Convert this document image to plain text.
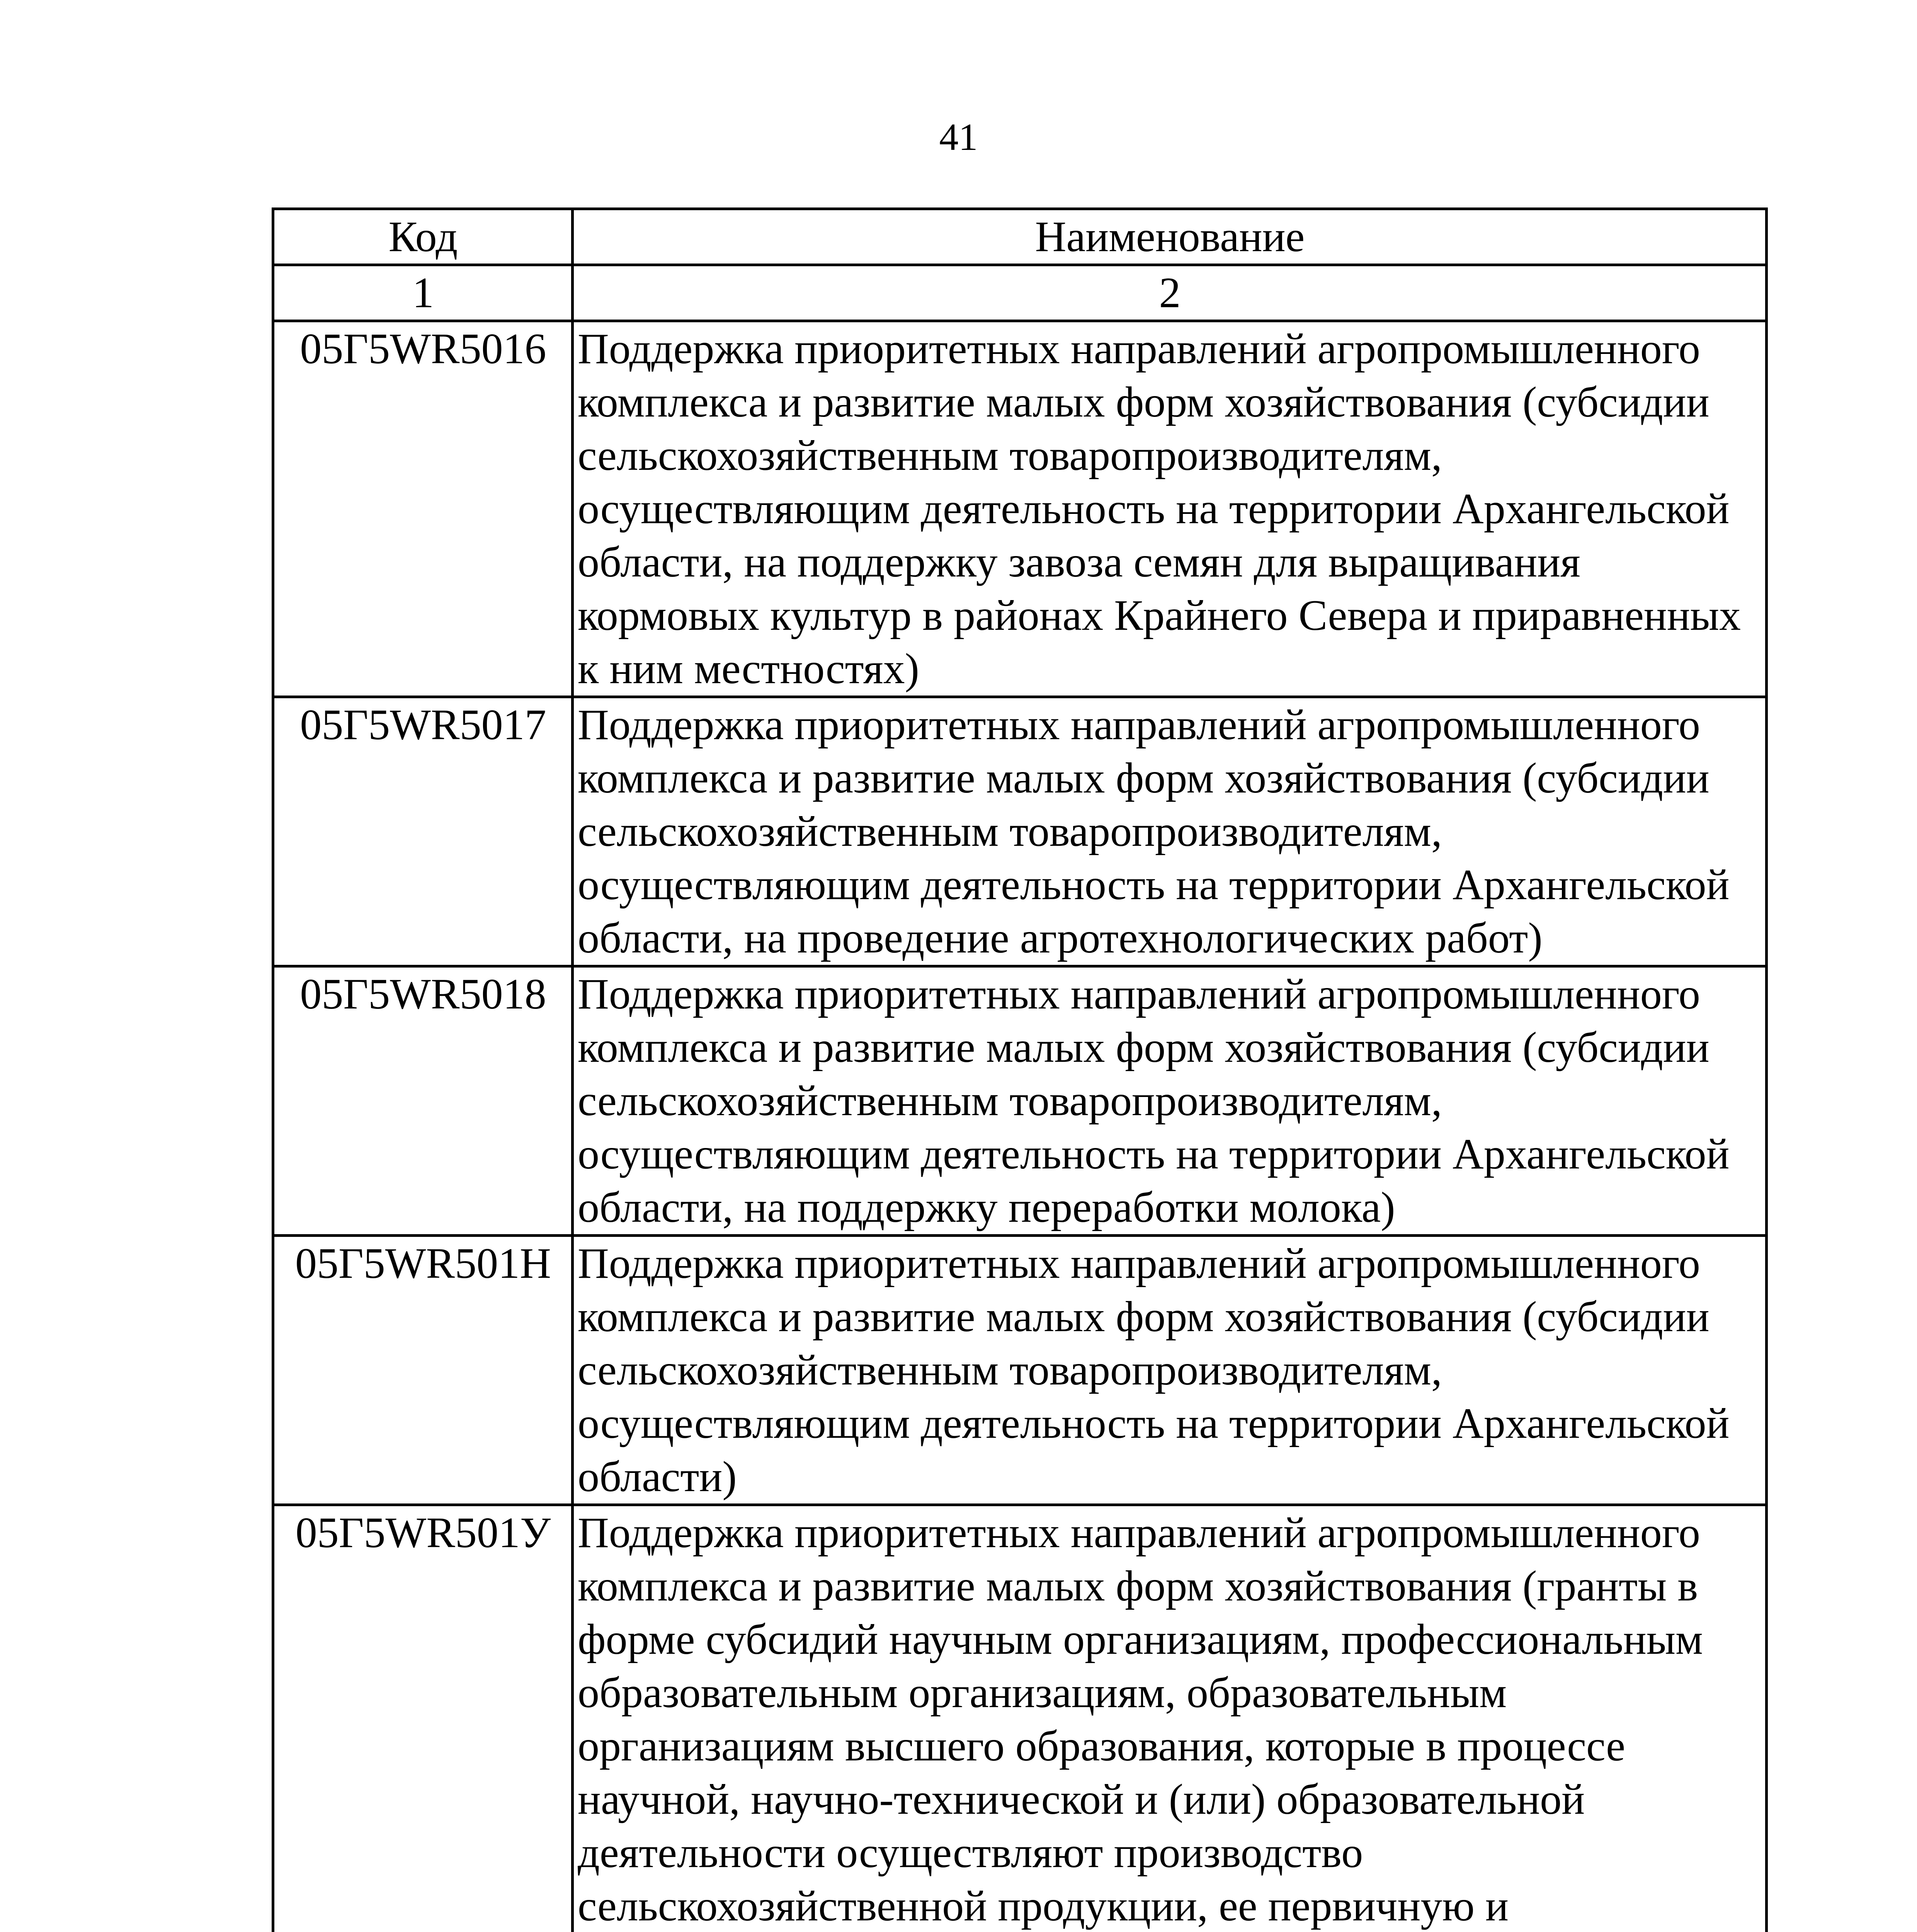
41
Код	Наименование
1	2
05Г5WR5016	Поддержка приоритетных направлений агропромышленного комплекса и развитие малых форм хозяйствования (субсидии сельскохозяйственным товаропроизводителям, осуществляющим деятельность на территории Архангельской области, на поддержку завоза семян для выращивания кормовых культур в районах Крайнего Севера и приравненных к ним местностях)
05Г5WR5017	Поддержка приоритетных направлений агропромышленного комплекса и развитие малых форм хозяйствования (субсидии сельскохозяйственным товаропроизводителям, осуществляющим деятельность на территории Архангельской области, на проведение агротехнологических работ)
05Г5WR5018	Поддержка приоритетных направлений агропромышленного комплекса и развитие малых форм хозяйствования (субсидии сельскохозяйственным товаропроизводителям, осуществляющим деятельность на территории Архангельской области, на поддержку переработки молока)
05Г5WR501Н	Поддержка приоритетных направлений агропромышленного комплекса и развитие малых форм хозяйствования (субсидии сельскохозяйственным товаропроизводителям, осуществляющим деятельность на территории Архангельской области)
05Г5WR501У	Поддержка приоритетных направлений агропромышленного комплекса и развитие малых форм хозяйствования (гранты в форме субсидий научным организациям, профессиональным образовательным организациям, образовательным организациям высшего образования, которые в процессе научной, научно-технической и (или) образовательной деятельности осуществляют производство сельскохозяйственной продукции, ее первичную и
